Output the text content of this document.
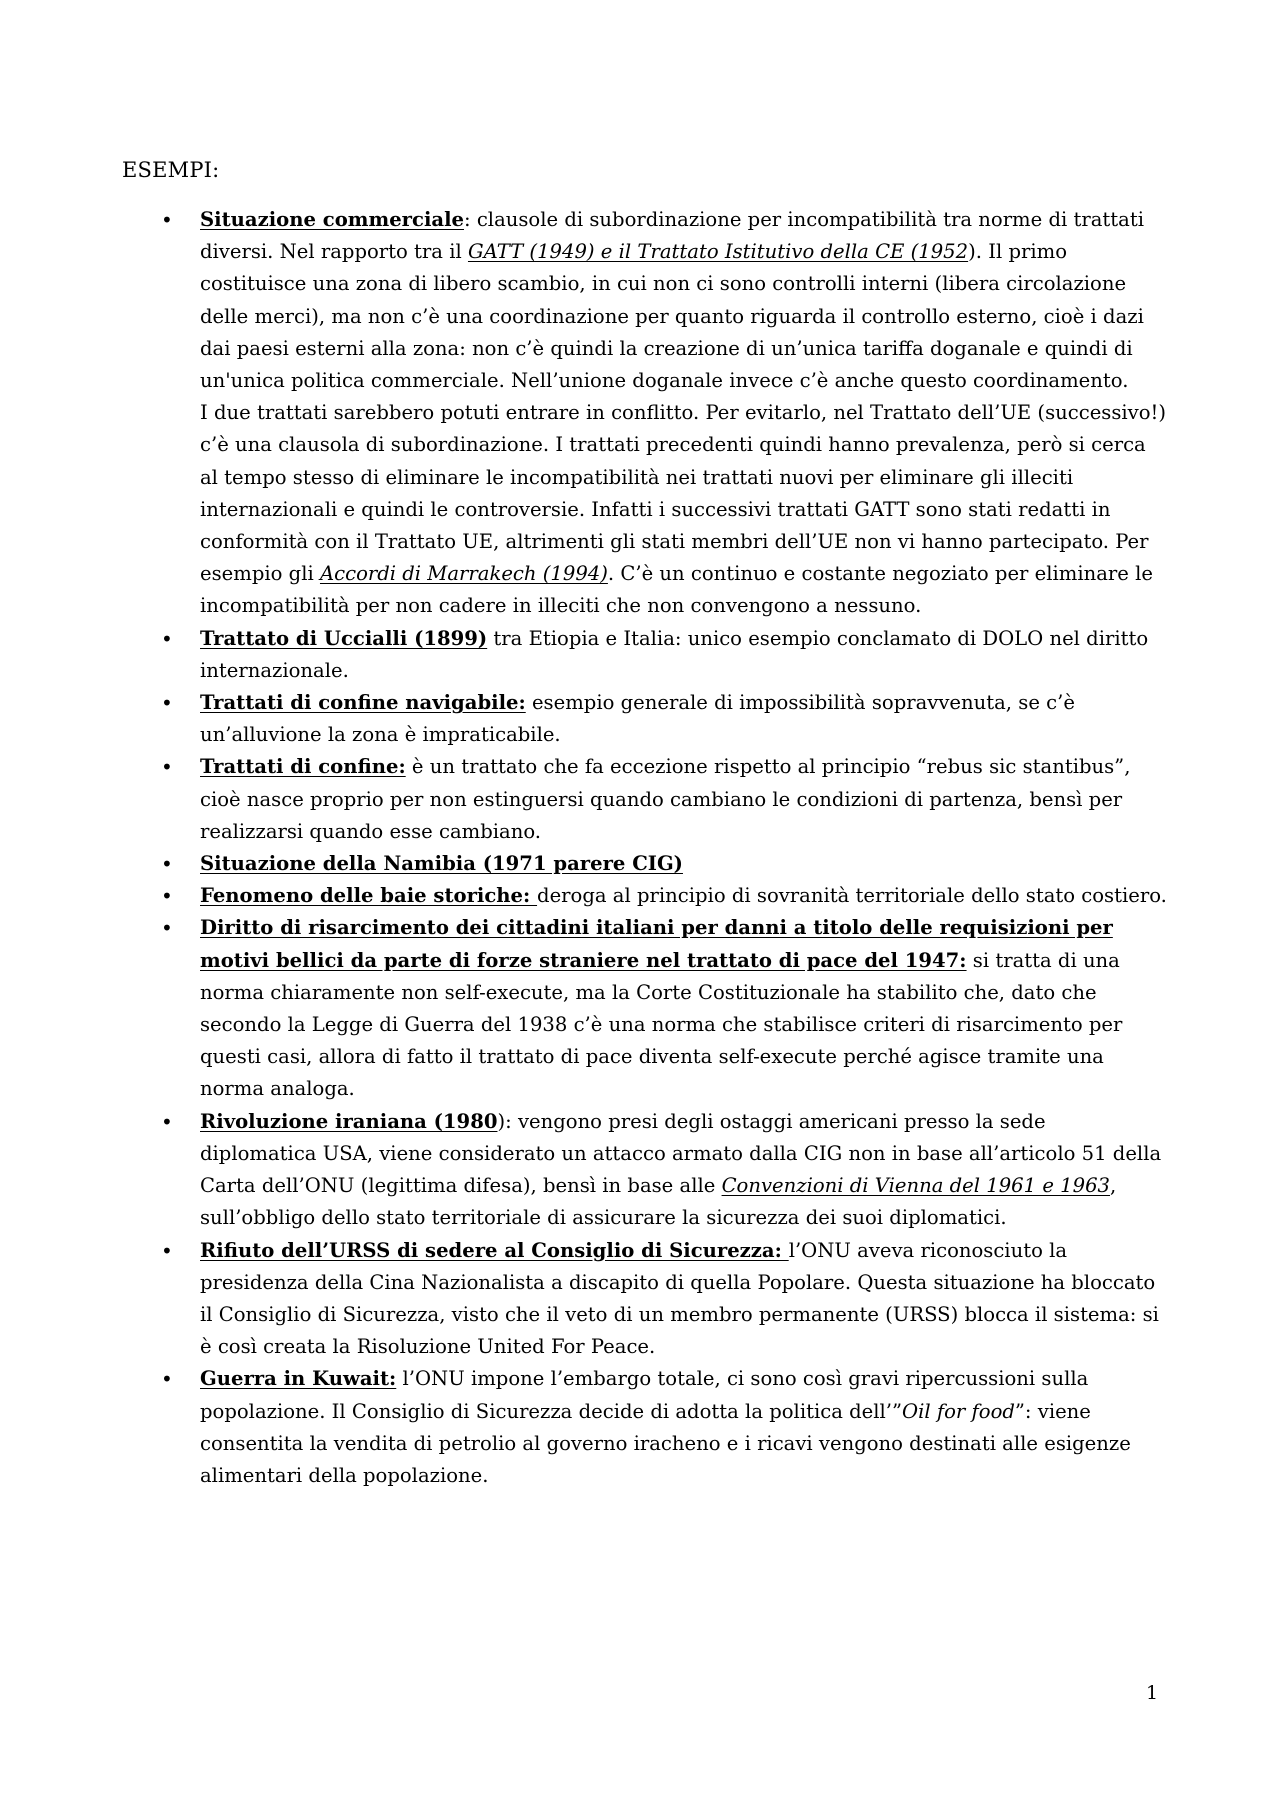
ESEMPI:
• Situazione commerciale: clausole di subordinazione per incompatibilità tra norme di trattati diversi. Nel rapporto tra il GATT (1949) e il Trattato Istitutivo della CE (1952). Il primo costituisce una zona di libero scambio, in cui non ci sono controlli interni (libera circolazione delle merci), ma non c’è una coordinazione per quanto riguarda il controllo esterno, cioè i dazi dai paesi esterni alla zona: non c’è quindi la creazione di un’unica tariffa doganale e quindi di un'unica politica commerciale. Nell’unione doganale invece c’è anche questo coordinamento.
I due trattati sarebbero potuti entrare in conflitto. Per evitarlo, nel Trattato dell’UE (successivo!) c’è una clausola di subordinazione. I trattati precedenti quindi hanno prevalenza, però si cerca al tempo stesso di eliminare le incompatibilità nei trattati nuovi per eliminare gli illeciti internazionali e quindi le controversie. Infatti i successivi trattati GATT sono stati redatti in conformità con il Trattato UE, altrimenti gli stati membri dell’UE non vi hanno partecipato. Per esempio gli Accordi di Marrakech (1994). C’è un continuo e costante negoziato per eliminare le incompatibilità per non cadere in illeciti che non convengono a nessuno.
• Trattato di Uccialli (1899) tra Etiopia e Italia: unico esempio conclamato di DOLO nel diritto internazionale.
• Trattati di confine navigabile: esempio generale di impossibilità sopravvenuta, se c’è un’alluvione la zona è impraticabile.
• Trattati di confine: è un trattato che fa eccezione rispetto al principio “rebus sic stantibus”, cioè nasce proprio per non estinguersi quando cambiano le condizioni di partenza, bensì per realizzarsi quando esse cambiano.
• Situazione della Namibia (1971 parere CIG)
• Fenomeno delle baie storiche: deroga al principio di sovranità territoriale dello stato costiero.
• Diritto di risarcimento dei cittadini italiani per danni a titolo delle requisizioni per motivi bellici da parte di forze straniere nel trattato di pace del 1947: si tratta di una norma chiaramente non self-execute, ma la Corte Costituzionale ha stabilito che, dato che secondo la Legge di Guerra del 1938 c’è una norma che stabilisce criteri di risarcimento per questi casi, allora di fatto il trattato di pace diventa self-execute perché agisce tramite una norma analoga.
• Rivoluzione iraniana (1980): vengono presi degli ostaggi americani presso la sede diplomatica USA, viene considerato un attacco armato dalla CIG non in base all’articolo 51 della Carta dell’ONU (legittima difesa), bensì in base alle Convenzioni di Vienna del 1961 e 1963, sull’obbligo dello stato territoriale di assicurare la sicurezza dei suoi diplomatici.
• Rifiuto dell’URSS di sedere al Consiglio di Sicurezza: l’ONU aveva riconosciuto la presidenza della Cina Nazionalista a discapito di quella Popolare. Questa situazione ha bloccato il Consiglio di Sicurezza, visto che il veto di un membro permanente (URSS) blocca il sistema: si è così creata la Risoluzione United For Peace.
• Guerra in Kuwait: l’ONU impone l’embargo totale, ci sono così gravi ripercussioni sulla popolazione. Il Consiglio di Sicurezza decide di adotta la politica dell’”Oil for food”: viene consentita la vendita di petrolio al governo iracheno e i ricavi vengono destinati alle esigenze alimentari della popolazione.
1
